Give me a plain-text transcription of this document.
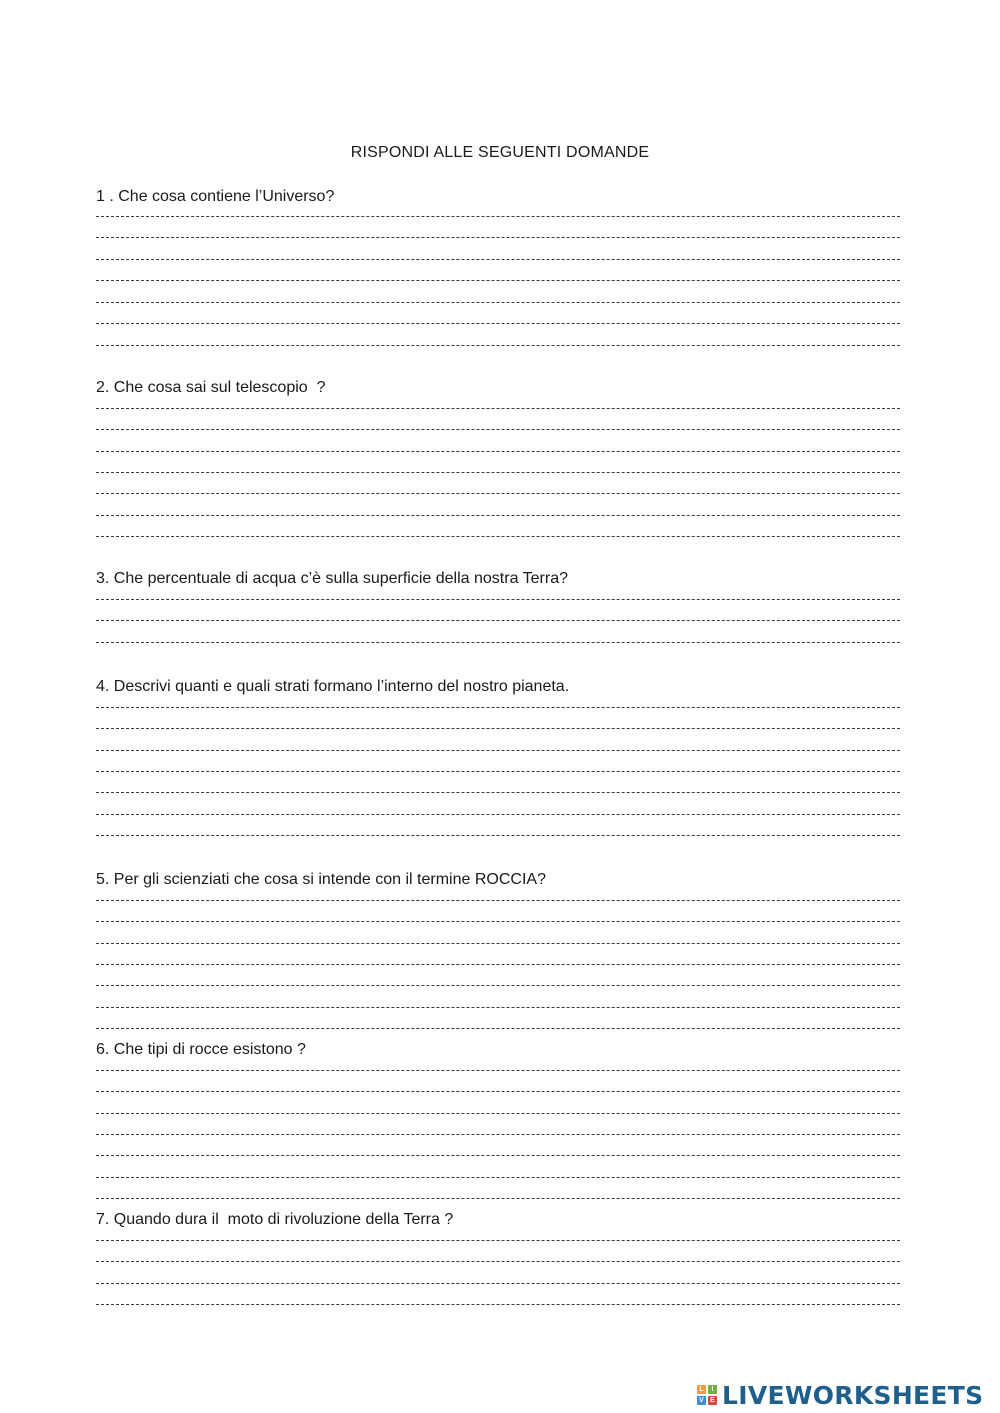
RISPONDI ALLE SEGUENTI DOMANDE
1 . Che cosa contiene l’Universo?
2. Che cosa sai sul telescopio  ?
3. Che percentuale di acqua c’è sulla superficie della nostra Terra?
4. Descrivi quanti e quali strati formano l’interno del nostro pianeta.
5. Per gli scienziati che cosa si intende con il termine ROCCIA?
6. Che tipi di rocce esistono ?
7. Quando dura il  moto di rivoluzione della Terra ?
L	I
V E LIVEWORKSHEETS
